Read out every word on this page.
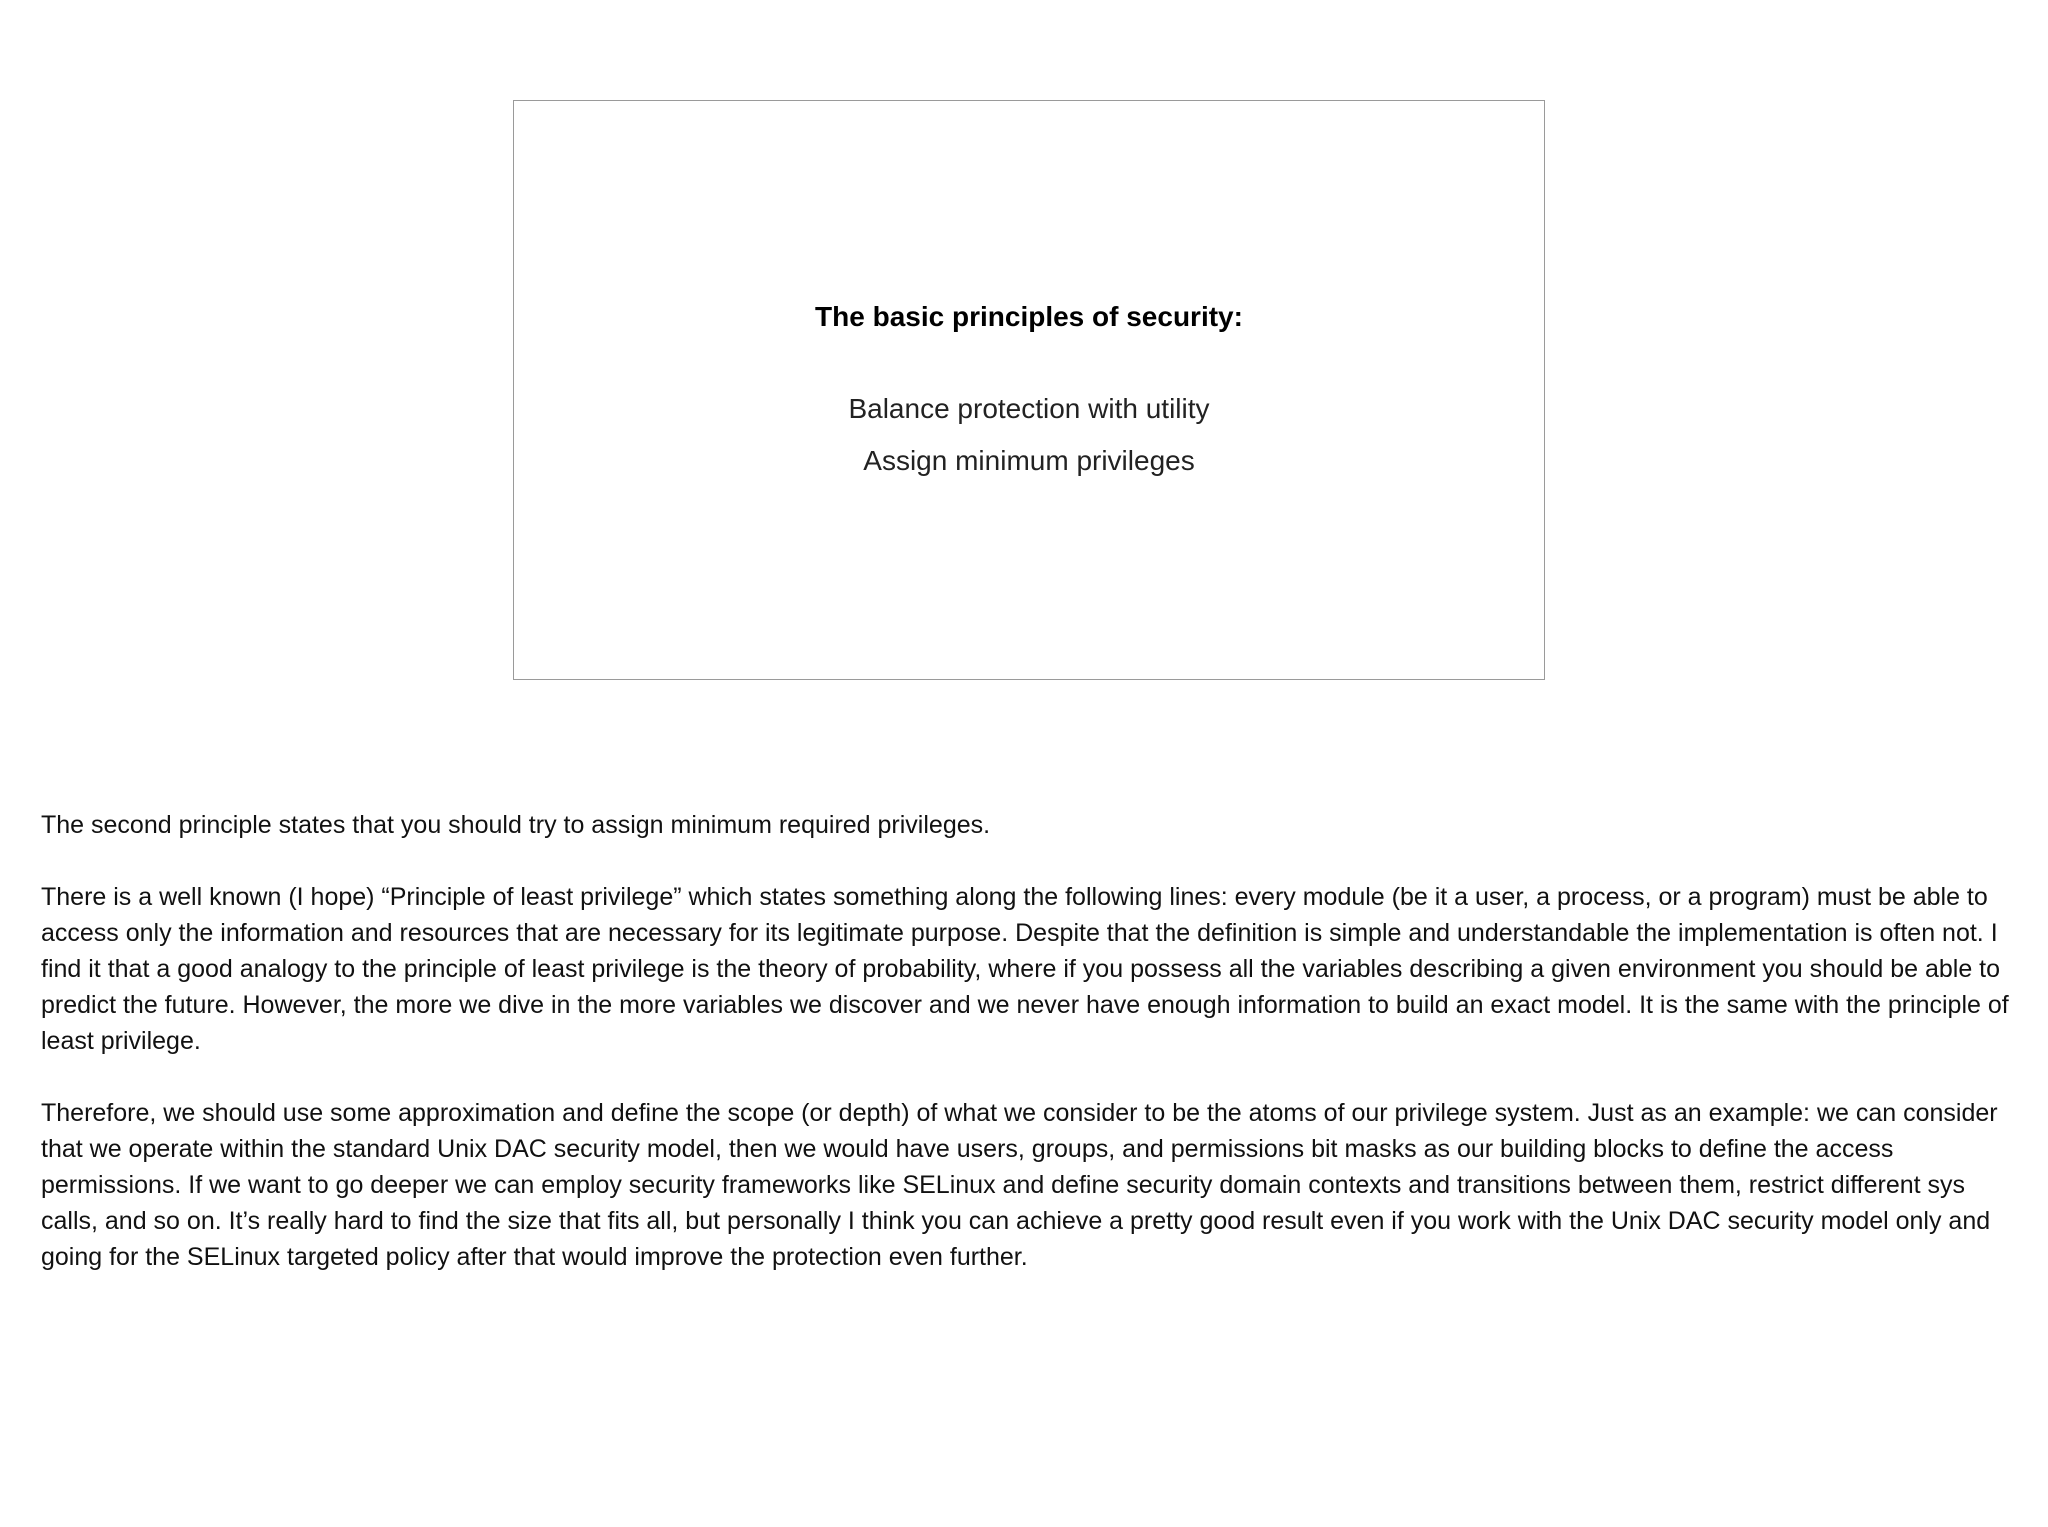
The basic principles of security:

Balance protection with utility

Assign minimum privileges

The second principle states that you should try to assign minimum required privileges.

There is a well known (I hope) “Principle of least privilege” which states something along the following lines: every module (be it a user, a process, or a program) must be able to access only the information and resources that are necessary for its legitimate purpose. Despite that the definition is simple and understandable the implementation is often not. I find it that a good analogy to the principle of least privilege is the theory of probability, where if you possess all the variables describing a given environment you should be able to predict the future. However, the more we dive in the more variables we discover and we never have enough information to build an exact model. It is the same with the principle of least privilege.

Therefore, we should use some approximation and define the scope (or depth) of what we consider to be the atoms of our privilege system. Just as an example: we can consider that we operate within the standard Unix DAC security model, then we would have users, groups, and permissions bit masks as our building blocks to define the access permissions. If we want to go deeper we can employ security frameworks like SELinux and define security domain contexts and transitions between them, restrict different sys calls, and so on. It’s really hard to find the size that fits all, but personally I think you can achieve a pretty good result even if you work with the Unix DAC security model only and going for the SELinux targeted policy after that would improve the protection even further.
